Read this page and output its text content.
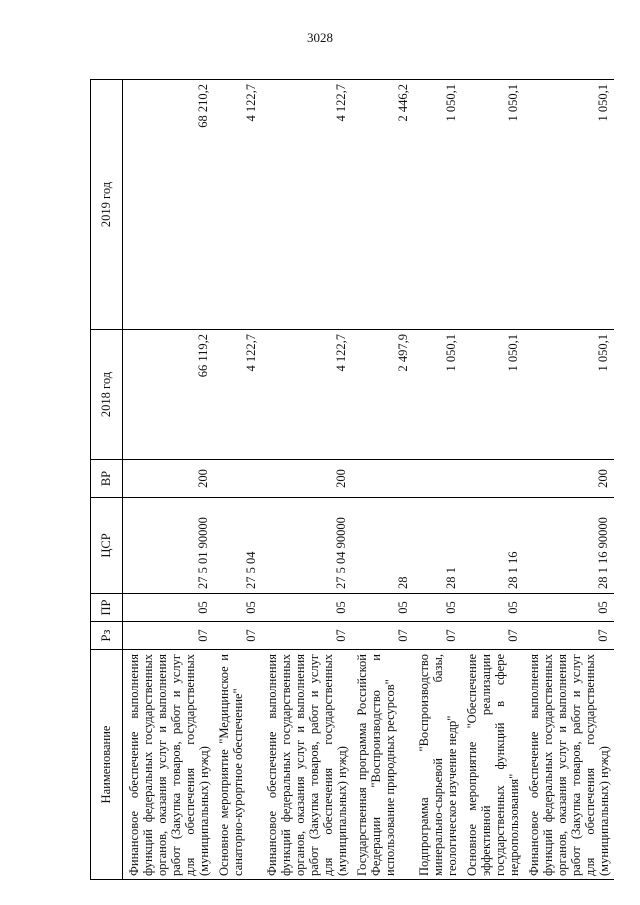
3028
Наименование	Рз	ПР	ЦСР	ВР	2018 год	2019 год
Финансовое обеспечение выполнения функций федеральных государственных органов, оказания услуг и выполнения работ (Закупка товаров, работ и услуг для обеспечения государственных (муниципальных) нужд)	07	05	27 5 01 90000	200	66 119,2	68 210,2
Основное мероприятие "Медицинское и санаторно-курортное обеспечение"	07	05	27 5 04		4 122,7	4 122,7
Финансовое обеспечение выполнения функций федеральных государственных органов, оказания услуг и выполнения работ (Закупка товаров, работ и услуг для обеспечения государственных (муниципальных) нужд)	07	05	27 5 04 90000	200	4 122,7	4 122,7
Государственная программа Российской Федерации "Воспроизводство и использование природных ресурсов"	07	05	28		2 497,9	2 446,2
Подпрограмма "Воспроизводство минерально-сырьевой базы, геологическое изучение недр"	07	05	28 1		1 050,1	1 050,1
Основное мероприятие "Обеспечение эффективной реализации государственных функций в сфере недропользования"	07	05	28 1 16		1 050,1	1 050,1
Финансовое обеспечение выполнения функций федеральных государственных органов, оказания услуг и выполнения работ (Закупка товаров, работ и услуг для обеспечения государственных (муниципальных) нужд)	07	05	28 1 16 90000	200	1 050,1	1 050,1
